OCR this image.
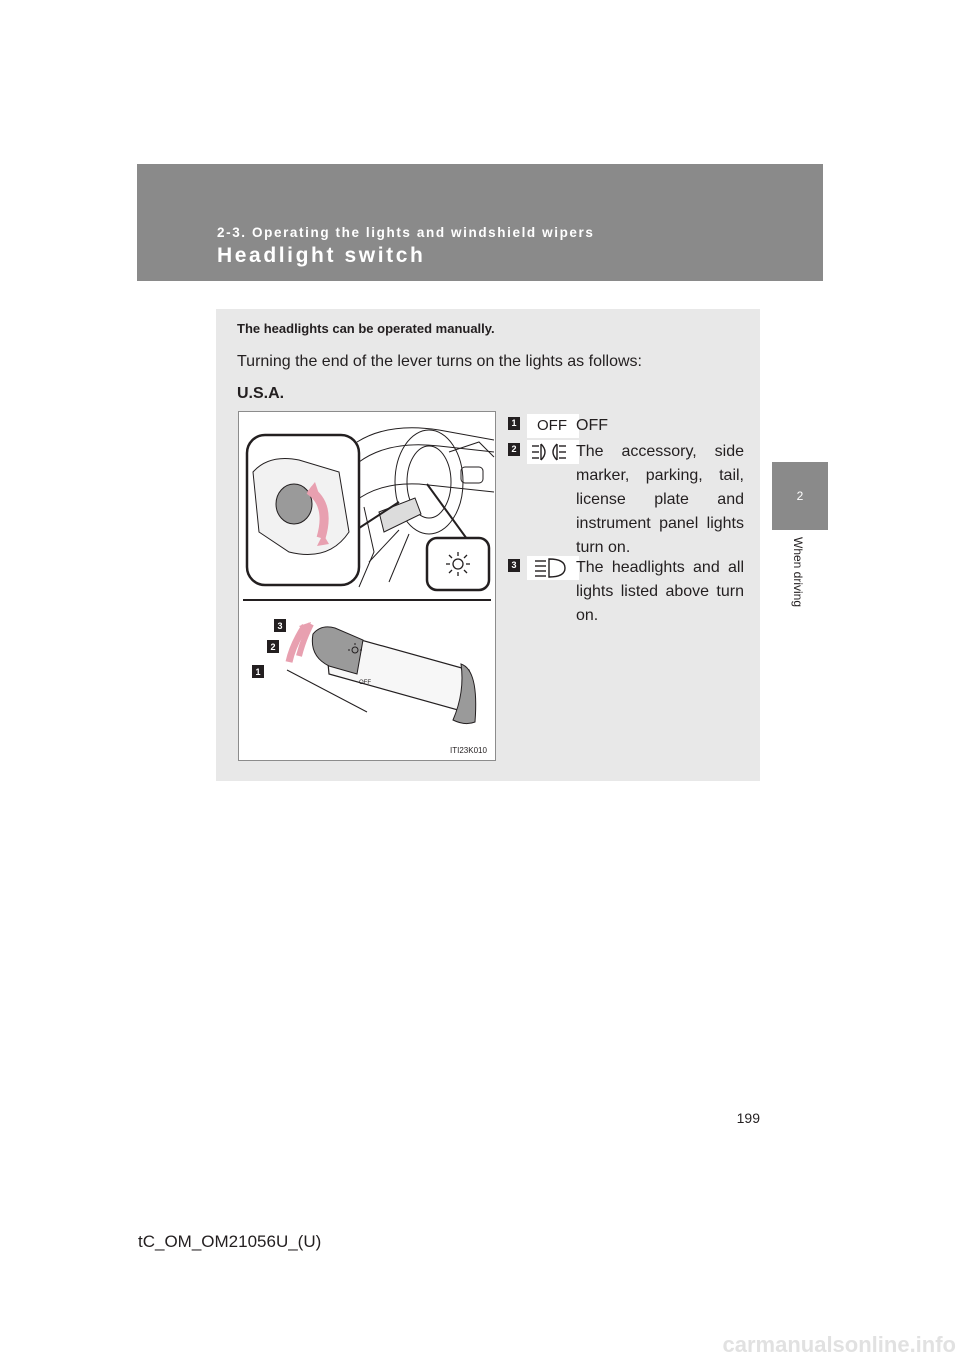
2-3. Operating the lights and windshield wipers
Headlight switch
2
When driving
The headlights can be operated manually.
Turning the end of the lever turns on the lights as follows:
U.S.A.
OFF
3
2
1
ITI23K010
1 OFF OFF
2	The accessory, side marker, parking, tail, license plate and instrument panel lights turn on.
3	The headlights and all lights listed above turn on.
199
tC_OM_OM21056U_(U)
carmanualsonline.info
